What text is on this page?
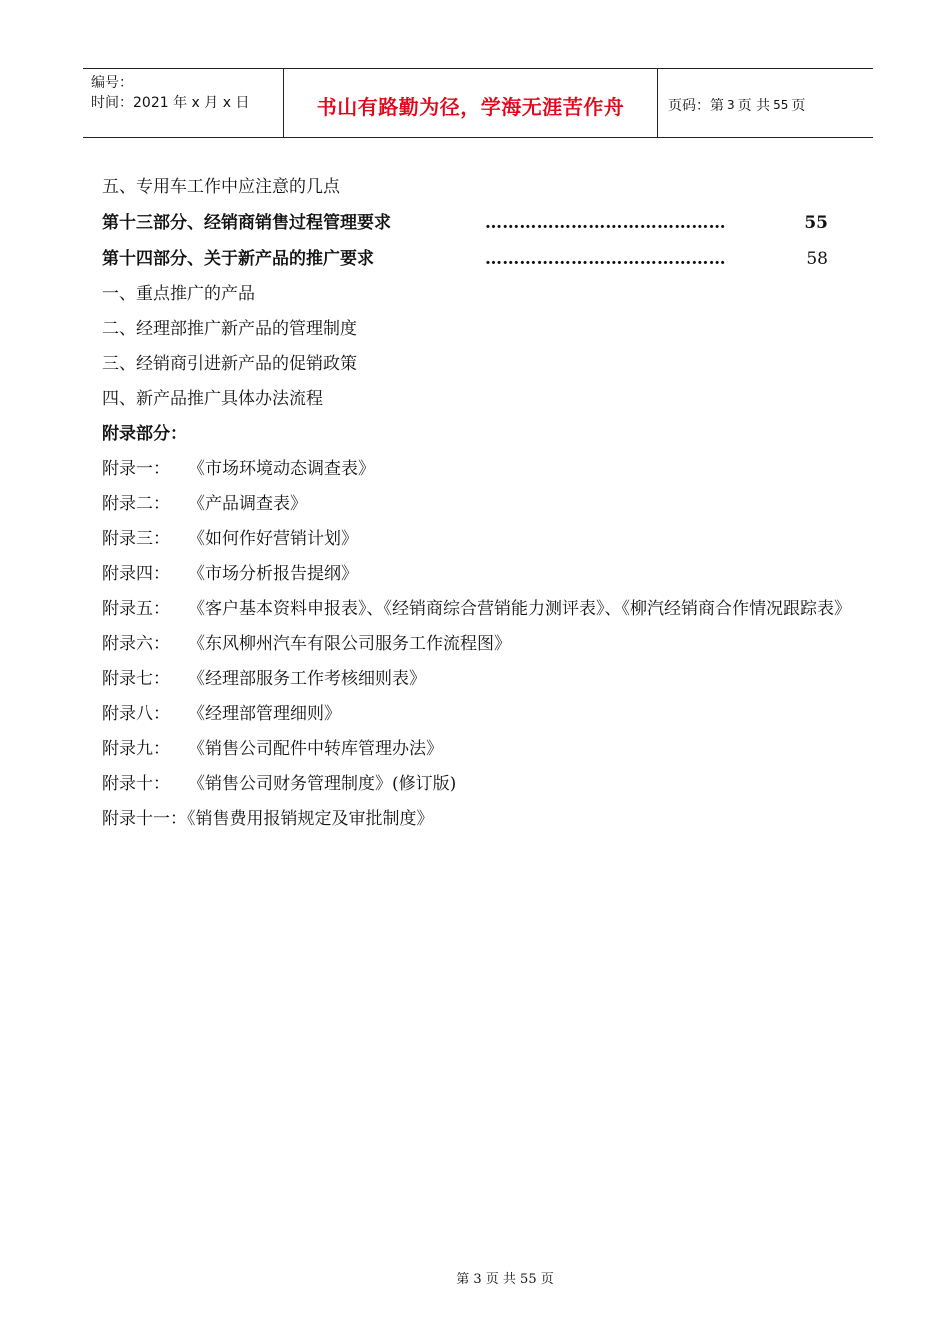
编号：
时间：2021 年 x 月 x 日	书山有路勤为径，学海无涯苦作舟	页码：第 3 页 共 55 页
五、专用车工作中应注意的几点
第十三部分、经销商销售过程管理要求	……………………………………	55
第十四部分、关于新产品的推广要求	……………………………………	58
一、重点推广的产品
二、经理部推广新产品的管理制度
三、经销商引进新产品的促销政策
四、新产品推广具体办法流程
附录部分：
附录一： 《市场环境动态调查表》
附录二： 《产品调查表》
附录三： 《如何作好营销计划》
附录四： 《市场分析报告提纲》
附录五： 《客户基本资料申报表》、《经销商综合营销能力测评表》、《柳汽经销商合作情况跟踪表》
附录六： 《东风柳州汽车有限公司服务工作流程图》
附录七： 《经理部服务工作考核细则表》
附录八： 《经理部管理细则》
附录九： 《销售公司配件中转库管理办法》
附录十： 《销售公司财务管理制度》(修订版)
附录十一：《销售费用报销规定及审批制度》
第 3 页 共 55 页
